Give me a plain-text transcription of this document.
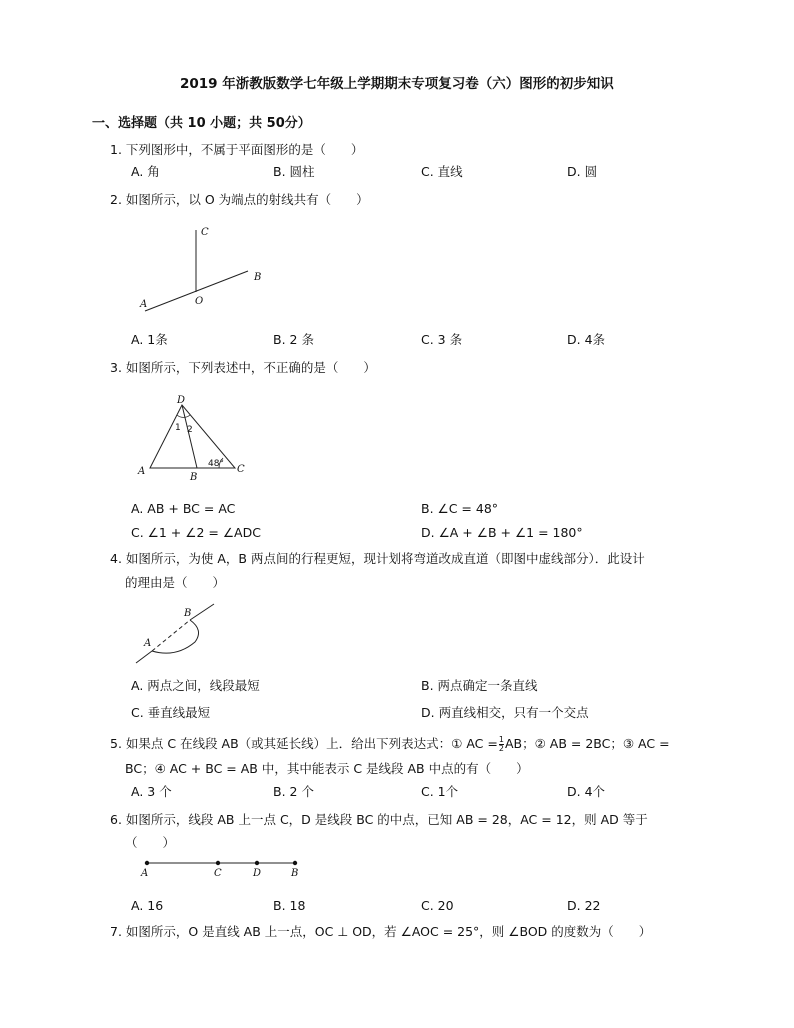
2019 年浙教版数学七年级上学期期末专项复习卷（六）图形的初步知识
一、选择题（共 10 小题；共 50分）
1. 下列图形中，不属于平面图形的是（　　）
A. 角	B. 圆柱	C. 直线	D. 圆
2. 如图所示，以 O 为端点的射线共有（　　）
C
B
A	O
A. 1条	B. 2 条	C. 3 条	D. 4条
3. 如图所示，下列表述中，不正确的是（　　）
D
1 2
48°
A
B
C
A. AB + BC = AC	B. ∠C = 48°
C. ∠1 + ∠2 = ∠ADC	D. ∠A + ∠B + ∠1 = 180°
4. 如图所示，为使 A，B 两点间的行程更短，现计划将弯道改成直道（即图中虚线部分）．此设计
的理由是（　　）
B
A
A. 两点之间，线段最短	B. 两点确定一条直线
C. 垂直线最短	D. 两直线相交，只有一个交点
5. 如果点 C 在线段 AB（或其延长线）上．给出下列表达式：① AC = $\frac{1}{2}$ AB；② AB = 2BC；③ AC =
BC；④ AC + BC = AB 中，其中能表示 C 是线段 AB 中点的有（　　）
A. 3 个	B. 2 个	C. 1个	D. 4个
6. 如图所示，线段 AB 上一点 C，D 是线段 BC 的中点，已知 AB = 28，AC = 12，则 AD 等于
（　　）
A	C	D	B
A. 16	B. 18	C. 20	D. 22
7. 如图所示，O 是直线 AB 上一点，OC ⊥ OD，若 ∠AOC = 25°，则 ∠BOD 的度数为（　　）
